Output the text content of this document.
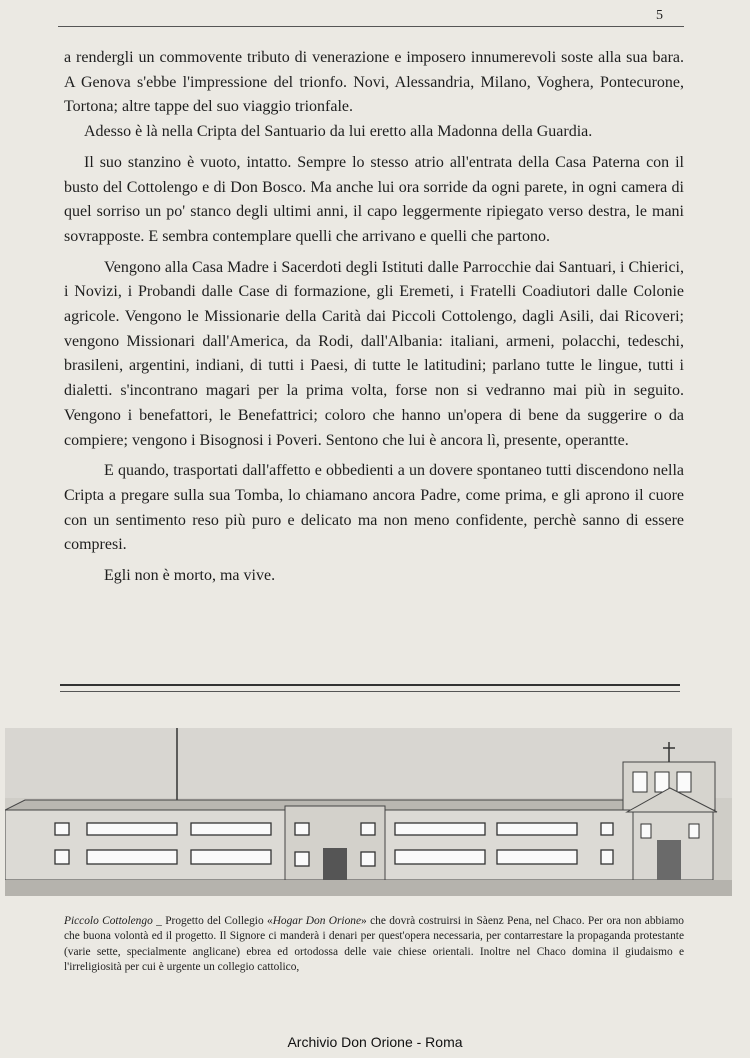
5

a rendergli un commovente tributo di venerazione e imposero innumerevoli soste alla sua bara. A Genova s'ebbe l'impressione del trionfo. Novi, Alessandria, Milano, Voghera, Pontecurone, Tortona; altre tappe del suo viaggio trionfale.

Adesso è là nella Cripta del Santuario da lui eretto alla Madonna della Guardia.

Il suo stanzino è vuoto, intatto. Sempre lo stesso atrio all'entrata della Casa Paterna con il busto del Cottolengo e di Don Bosco. Ma anche lui ora sorride da ogni parete, in ogni camera di quel sorriso un po' stanco degli ultimi anni, il capo leggermente ripiegato verso destra, le mani sovrapposte. E sembra contemplare quelli che arrivano e quelli che partono.

Vengono alla Casa Madre i Sacerdoti degli Istituti dalle Parrocchie dai Santuari, i Chierici, i Novizi, i Probandi dalle Case di formazione, gli Eremeti, i Fratelli Coadiutori dalle Colonie agricole. Vengono le Missionarie della Carità dai Piccoli Cottolengo, dagli Asili, dai Ricoveri; vengono Missionari dall'America, da Rodi, dall'Albania: italiani, armeni, polacchi, tedeschi, brasileni, argentini, indiani, di tutti i Paesi, di tutte le latitudini; parlano tutte le lingue, tutti i dialetti. s'incontrano magari per la prima volta, forse non si vedranno mai più in seguito. Vengono i benefattori, le Benefattrici; coloro che hanno un'opera di bene da suggerire o da compiere; vengono i Bisognosi i Poveri. Sentono che lui è ancora lì, presente, operantte.

E quando, trasportati dall'affetto e obbedienti a un dovere spontaneo tutti discendono nella Cripta a pregare sulla sua Tomba, lo chiamano ancora Padre, come prima, e gli aprono il cuore con un sentimento reso più puro e delicato ma non meno confidente, perchè sanno di essere compresi.

Egli non è morto, ma vive.

Piccolo Cottolengo _ Progetto del Collegio «Hogar Don Orione» che dovrà costruirsi in Sàenz Pena, nel Chaco. Per ora non abbiamo che buona volontà ed il progetto. Il Signore ci manderà i denari per quest'opera necessaria, per contarrestare la propaganda protestante (varie sette, specialmente anglicane) ebrea ed ortodossa delle vaie chiese orientali. Inoltre nel Chaco domina il giudaismo e l'irreligiosità per cui è urgente un collegio cattolico,

Archivio Don Orione - Roma
